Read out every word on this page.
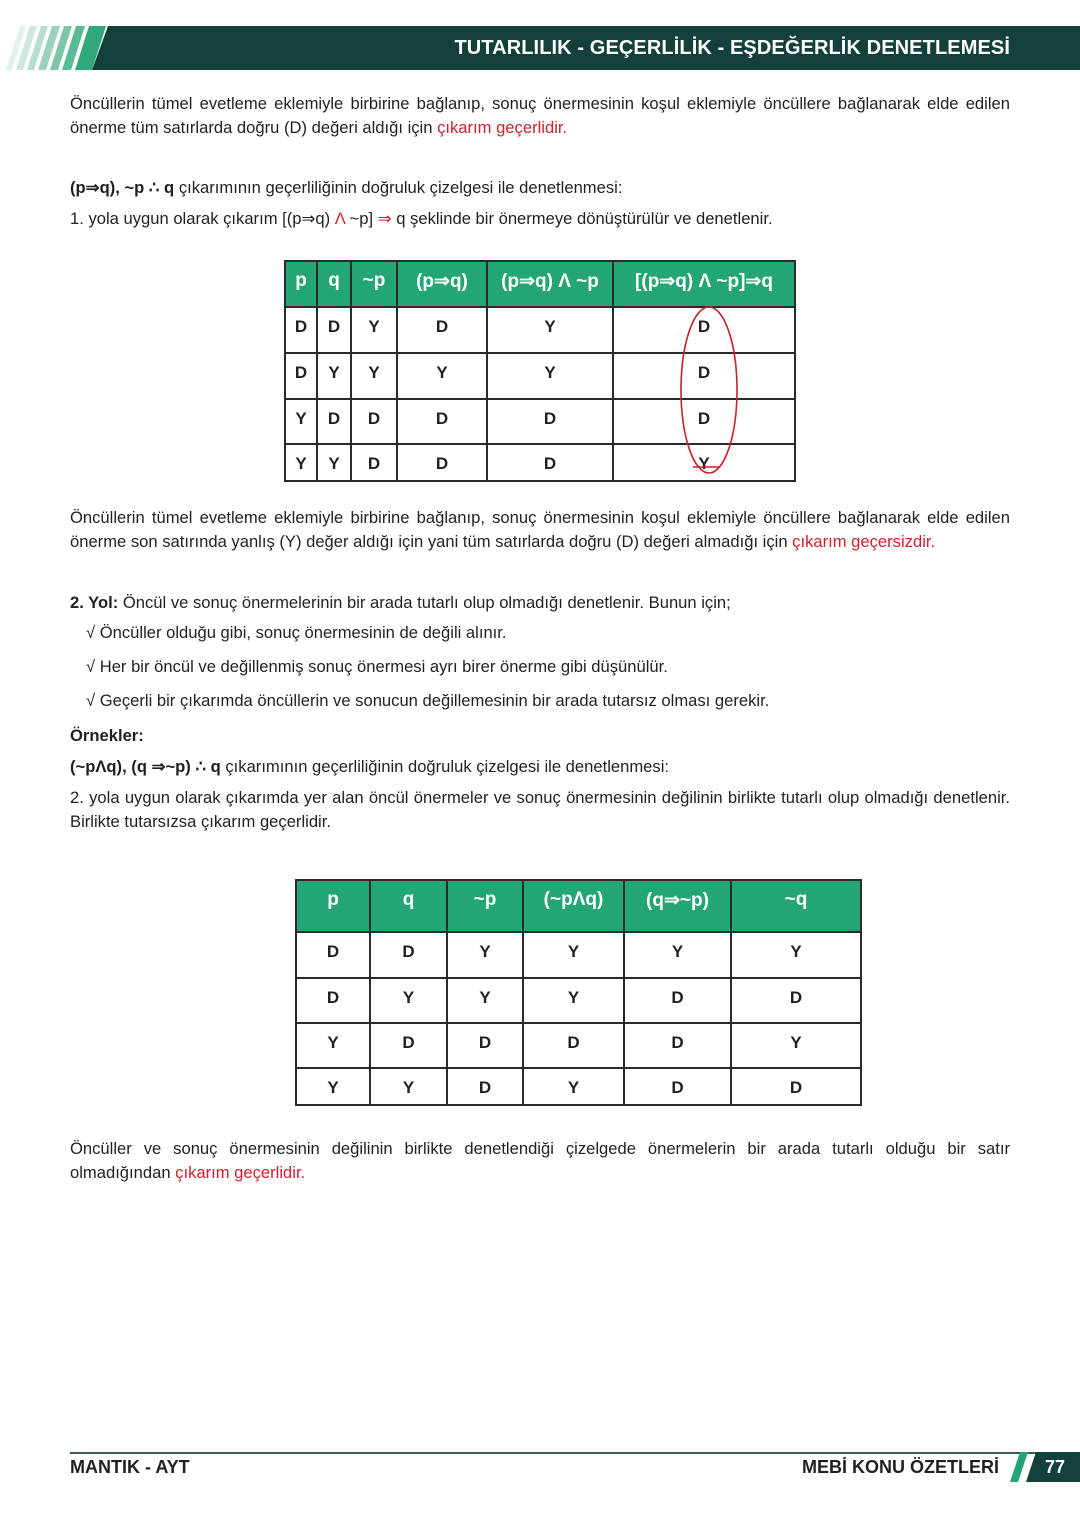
TUTARLILIK - GEÇERLİLİK - EŞDEĞERLİK DENETLEMESİ
Öncüllerin tümel evetleme eklemiyle birbirine bağlanıp, sonuç önermesinin koşul eklemiyle öncüllere bağlanarak elde edilen önerme tüm satırlarda doğru (D) değeri aldığı için çıkarım geçerlidir.
(p⇒q), ~p ∴ q çıkarımının geçerliliğinin doğruluk çizelgesi ile denetlenmesi:
1. yola uygun olarak çıkarım [(p⇒q) Λ ~p] ⇒ q şeklinde bir önermeye dönüştürülür ve denetlenir.
p	q	~p	(p⇒q)	(p⇒q) Λ ~p	[(p⇒q) Λ ~p]⇒q
D	D	Y	D	Y	D
D	Y	Y	Y	Y	D
Y	D	D	D	D	D
Y	Y	D	D	D	Y
Öncüllerin tümel evetleme eklemiyle birbirine bağlanıp, sonuç önermesinin koşul eklemiyle öncüllere bağlanarak elde edilen önerme son satırında yanlış (Y) değer aldığı için yani tüm satırlarda doğru (D) değeri almadığı için çıkarım geçersizdir.
2. Yol: Öncül ve sonuç önermelerinin bir arada tutarlı olup olmadığı denetlenir. Bunun için;
√ Öncüller olduğu gibi, sonuç önermesinin de değili alınır.
√ Her bir öncül ve değillenmiş sonuç önermesi ayrı birer önerme gibi düşünülür.
√ Geçerli bir çıkarımda öncüllerin ve sonucun değillemesinin bir arada tutarsız olması gerekir.
Örnekler:
(~pΛq), (q ⇒~p) ∴ q çıkarımının geçerliliğinin doğruluk çizelgesi ile denetlenmesi:
2. yola uygun olarak çıkarımda yer alan öncül önermeler ve sonuç önermesinin değilinin birlikte tutarlı olup olmadığı denetlenir. Birlikte tutarsızsa çıkarım geçerlidir.
p	q	~p	(~pΛq)	(q⇒~p)	~q
D	D	Y	Y	Y	Y
D	Y	Y	Y	D	D
Y	D	D	D	D	Y
Y	Y	D	Y	D	D
Öncüller ve sonuç önermesinin değilinin birlikte denetlendiği çizelgede önermelerin bir arada tutarlı olduğu bir satır olmadığından çıkarım geçerlidir.
MANTIK - AYT	MEBİ KONU ÖZETLERİ	77
